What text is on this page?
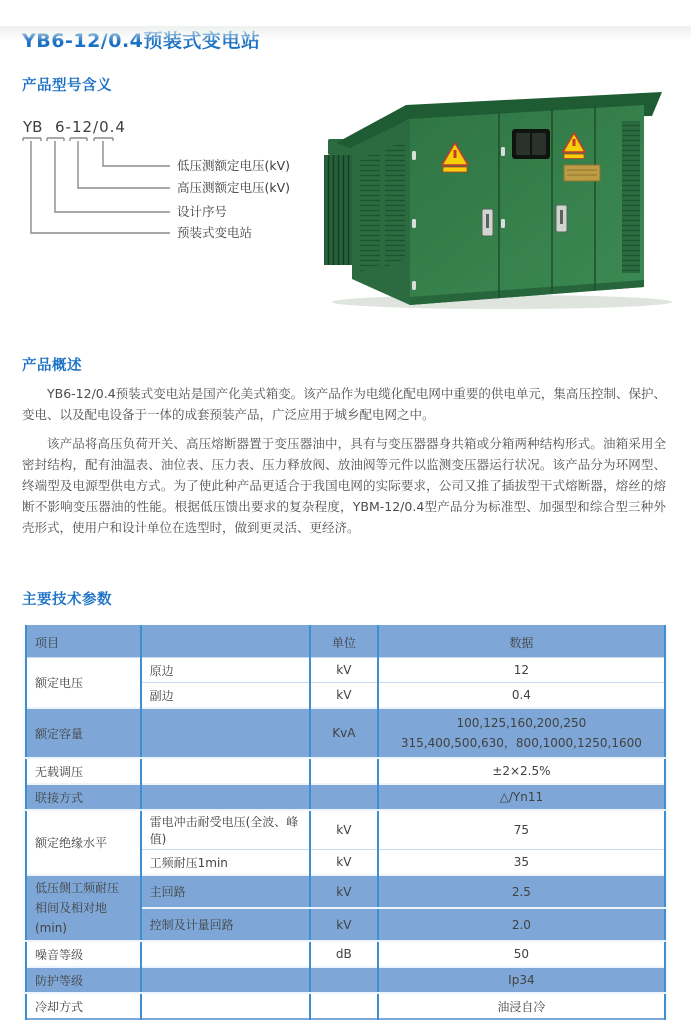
YB6-12/0.4预装式变电站
产品型号含义
YB 6-12/0.4
低压测额定电压(kV)
高压测额定电压(kV)
设计序号
预装式变电站
产品概述

YB6-12/0.4预装式变电站是国产化美式箱变。该产品作为电缆化配电网中重要的供电单元，集高压控制、保护、变电、以及配电设备于一体的成套预装产品，广泛应用于城乡配电网之中。

该产品将高压负荷开关、高压熔断器置于变压器油中，具有与变压器器身共箱或分箱两种结构形式。油箱采用全密封结构，配有油温表、油位表、压力表、压力释放阀、放油阀等元件以监测变压器运行状况。该产品分为环网型、终端型及电源型供电方式。为了使此种产品更适合于我国电网的实际要求，公司又推了插拔型干式熔断器，熔丝的熔断不影响变压器油的性能。根据低压馈出要求的复杂程度，YBM-12/0.4型产品分为标准型、加强型和综合型三种外壳形式，使用户和设计单位在选型时，做到更灵活、更经济。

主要技术参数
项目		单位	数据
额定电压	原边	kV	12
	副边	kV	0.4
额定容量		KvA	100,125,160,200,250
315,400,500,630，800,1000,1250,1600

无载调压			±2×2.5%
联接方式			△/Yn11
额定绝缘水平	雷电冲击耐受电压(全波、峰值)	kV	75
	工频耐压1min	kV	35

低压侧工频耐压
相间及相对地(min)	主回路	kV	2.5
	控制及计量回路	kV	2.0
噪音等级		dB	50
防护等级			Ip34
冷却方式			油浸自冷
